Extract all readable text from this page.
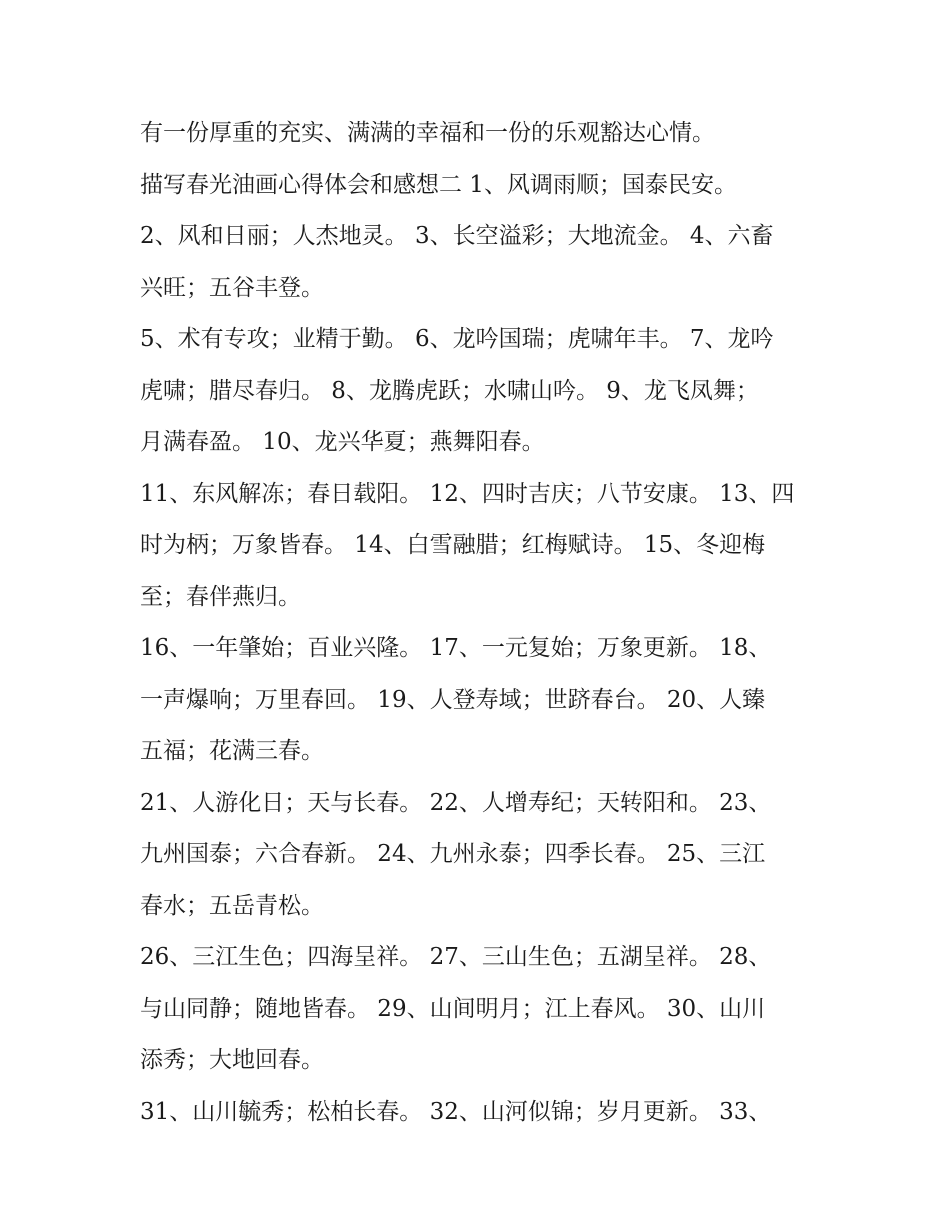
有一份厚重的充实、满满的幸福和一份的乐观豁达心情。
描写春光油画心得体会和感想二 1、风调雨顺；国泰民安。
2、风和日丽；人杰地灵。 3、长空溢彩；大地流金。 4、六畜
兴旺；五谷丰登。
5、术有专攻；业精于勤。 6、龙吟国瑞；虎啸年丰。 7、龙吟
虎啸；腊尽春归。 8、龙腾虎跃；水啸山吟。 9、龙飞凤舞；
月满春盈。 10、龙兴华夏；燕舞阳春。
11、东风解冻；春日载阳。 12、四时吉庆；八节安康。 13、四
时为柄；万象皆春。 14、白雪融腊；红梅赋诗。 15、冬迎梅
至；春伴燕归。
16、一年肇始；百业兴隆。 17、一元复始；万象更新。 18、
一声爆响；万里春回。 19、人登寿域；世跻春台。 20、人臻
五福；花满三春。
21、人游化日；天与长春。 22、人增寿纪；天转阳和。 23、
九州国泰；六合春新。 24、九州永泰；四季长春。 25、三江
春水；五岳青松。
26、三江生色；四海呈祥。 27、三山生色；五湖呈祥。 28、
与山同静；随地皆春。 29、山间明月；江上春风。 30、山川
添秀；大地回春。
31、山川毓秀；松柏长春。 32、山河似锦；岁月更新。 33、
